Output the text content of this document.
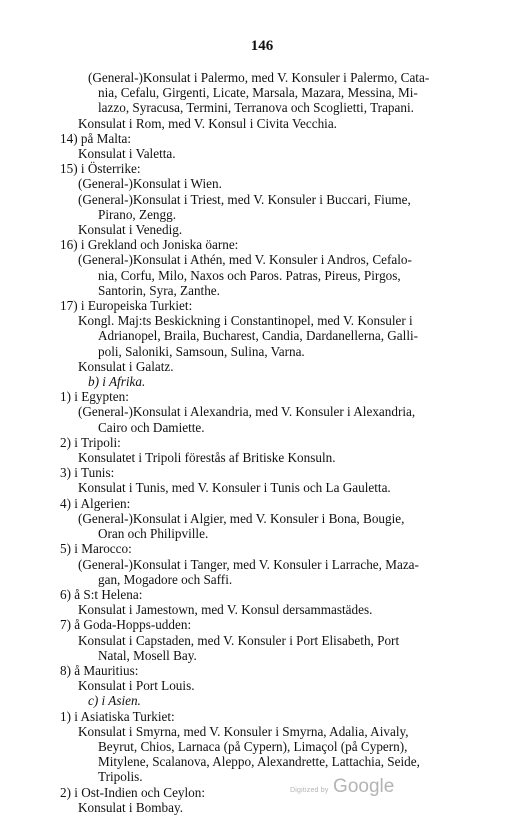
146
(General-)Konsulat i Palermo, med V. Konsuler i Palermo, Cata-
nia, Cefalu, Girgenti, Licate, Marsala, Mazara, Messina, Mi-
lazzo, Syracusa, Termini, Terranova och Scoglietti, Trapani.
Konsulat i Rom, med V. Konsul i Civita Vecchia.
14) på Malta:
Konsulat i Valetta.
15) i Österrike:
(General-)Konsulat i Wien.
(General-)Konsulat i Triest, med V. Konsuler i Buccari, Fiume,
Pirano, Zengg.
Konsulat i Venedig.
16) i Grekland och Joniska öarne:
(General-)Konsulat i Athén, med V. Konsuler i Andros, Cefalo-
nia, Corfu, Milo, Naxos och Paros. Patras, Pireus, Pirgos,
Santorin, Syra, Zanthe.
17) i Europeiska Turkiet:
Kongl. Maj:ts Beskickning i Constantinopel, med V. Konsuler i
Adrianopel, Braila, Bucharest, Candia, Dardanellerna, Galli-
poli, Saloniki, Samsoun, Sulina, Varna.
Konsulat i Galatz.
b) i Afrika.
1) i Egypten:
(General-)Konsulat i Alexandria, med V. Konsuler i Alexandria,
Cairo och Damiette.
2) i Tripoli:
Konsulatet i Tripoli förestås af Britiske Konsuln.
3) i Tunis:
Konsulat i Tunis, med V. Konsuler i Tunis och La Gauletta.
4) i Algerien:
(General-)Konsulat i Algier, med V. Konsuler i Bona, Bougie,
Oran och Philipville.
5) i Marocco:
(General-)Konsulat i Tanger, med V. Konsuler i Larrache, Maza-
gan, Mogadore och Saffi.
6) å S:t Helena:
Konsulat i Jamestown, med V. Konsul dersammastädes.
7) å Goda-Hopps-udden:
Konsulat i Capstaden, med V. Konsuler i Port Elisabeth, Port
Natal, Mosell Bay.
8) å Mauritius:
Konsulat i Port Louis.
c) i Asien.
1) i Asiatiska Turkiet:
Konsulat i Smyrna, med V. Konsuler i Smyrna, Adalia, Aivaly,
Beyrut, Chios, Larnaca (på Cypern), Limaçol (på Cypern),
Mitylene, Scalanova, Aleppo, Alexandrette, Lattachia, Seide,
Tripolis.
2) i Ost-Indien och Ceylon:
Konsulat i Bombay.
Digitized by Google
